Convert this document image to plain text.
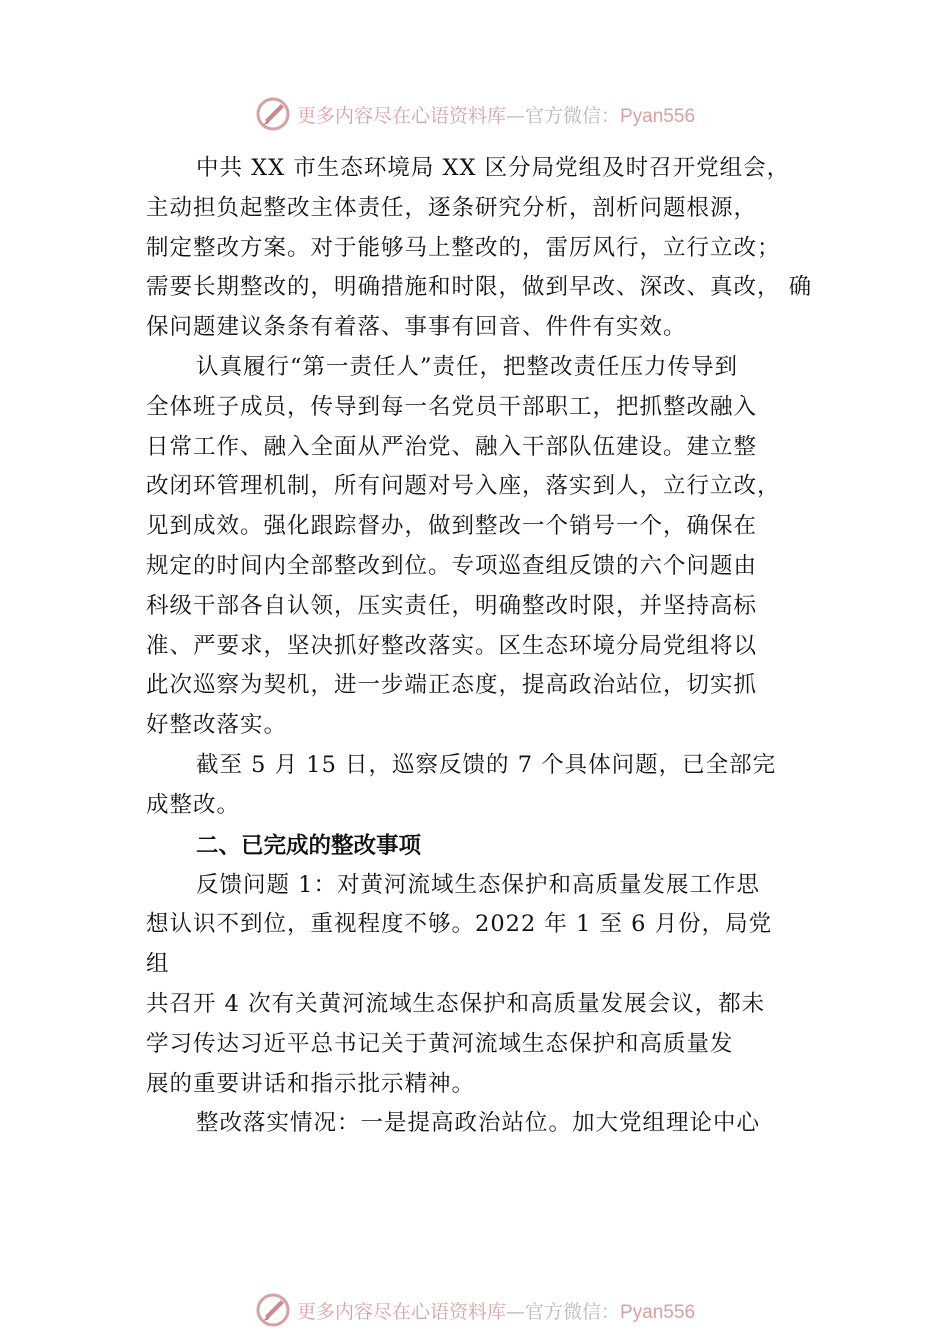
更多内容尽在心语资料库—官方微信：Pyan556

中共 XX 市生态环境局 XX 区分局党组及时召开党组会，
主动担负起整改主体责任，逐条研究分析，剖析问题根源，
制定整改方案。对于能够马上整改的，雷厉风行，立行立改；
需要长期整改的，明确措施和时限，做到早改、深改、真改， 确
保问题建议条条有着落、事事有回音、件件有实效。

认真履行“第一责任人”责任，把整改责任压力传导到
全体班子成员，传导到每一名党员干部职工，把抓整改融入
日常工作、融入全面从严治党、融入干部队伍建设。建立整
改闭环管理机制，所有问题对号入座，落实到人，立行立改，
见到成效。强化跟踪督办，做到整改一个销号一个，确保在
规定的时间内全部整改到位。专项巡查组反馈的六个问题由
科级干部各自认领，压实责任，明确整改时限，并坚持高标
准、严要求，坚决抓好整改落实。区生态环境分局党组将以
此次巡察为契机，进一步端正态度，提高政治站位，切实抓
好整改落实。

截至 5 月 15 日，巡察反馈的 7 个具体问题，已全部完
成整改。

二、已完成的整改事项

反馈问题 1：对黄河流域生态保护和高质量发展工作思
想认识不到位，重视程度不够。2022 年 1 至 6 月份，局党
组
共召开 4 次有关黄河流域生态保护和高质量发展会议，都未
学习传达习近平总书记关于黄河流域生态保护和高质量发
展的重要讲话和指示批示精神。

整改落实情况：一是提高政治站位。加大党组理论中心

更多内容尽在心语资料库—官方微信：Pyan556
